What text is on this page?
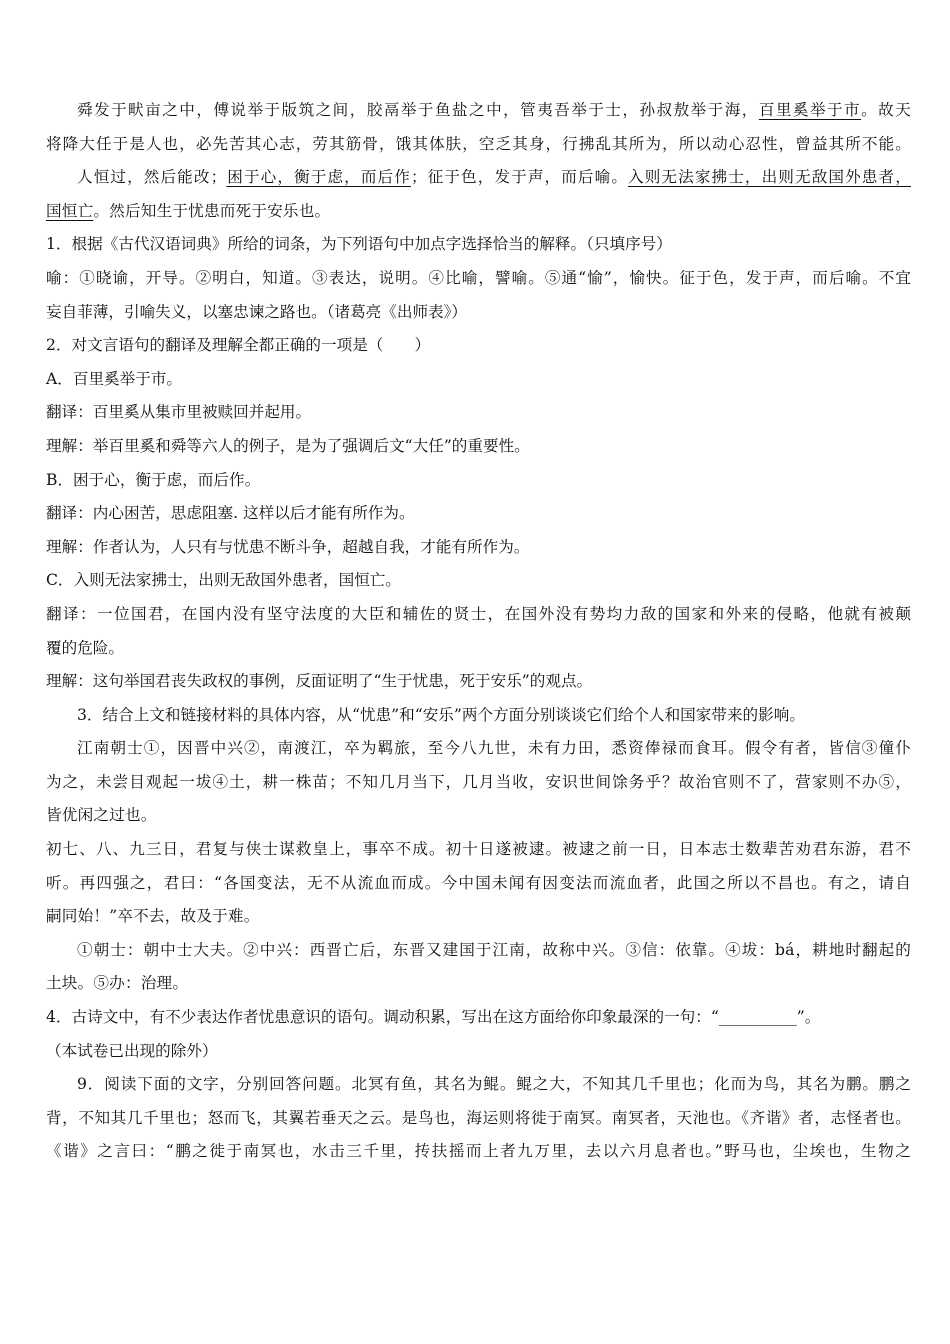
舜发于畎亩之中，傅说举于版筑之间，胶鬲举于鱼盐之中，管夷吾举于士，孙叔敖举于海，百里奚举于市。故天
将降大任于是人也，必先苦其心志，劳其筋骨，饿其体肤，空乏其身，行拂乱其所为，所以动心忍性，曾益其所不能。
人恒过，然后能改；困于心，衡于虑，而后作；征于色，发于声，而后喻。入则无法家拂士，出则无敌国外患者，
国恒亡。然后知生于忧患而死于安乐也。
1．根据《古代汉语词典》所给的词条，为下列语句中加点字选择恰当的解释。（只填序号）
喻：①晓谕，开导。②明白，知道。③表达，说明。④比喻，譬喻。⑤通“愉”，愉快。征于色，发于声，而后喻。不宜
妄自菲薄，引喻失义，以塞忠谏之路也。（诸葛亮《出师表》）
2．对文言语句的翻译及理解全都正确的一项是（　　）
A．百里奚举于市。
翻译：百里奚从集市里被赎回并起用。
理解：举百里奚和舜等六人的例子，是为了强调后文“大任”的重要性。
B．困于心，衡于虑，而后作。
翻译：内心困苦，思虑阻塞. 这样以后才能有所作为。
理解：作者认为，人只有与忧患不断斗争，超越自我，才能有所作为。
C．入则无法家拂士，出则无敌国外患者，国恒亡。
翻译：一位国君，在国内没有坚守法度的大臣和辅佐的贤士，在国外没有势均力敌的国家和外来的侵略，他就有被颠
覆的危险。
理解：这句举国君丧失政权的事例，反面证明了“生于忧患，死于安乐”的观点。
3．结合上文和链接材料的具体内容，从“忧患”和“安乐”两个方面分别谈谈它们给个人和国家带来的影响。
江南朝士①，因晋中兴②，南渡江，卒为羁旅，至今八九世，未有力田，悉资俸禄而食耳。假令有者，皆信③僮仆
为之，未尝目观起一坺④土，耕一株苗；不知几月当下，几月当收，安识世间馀务乎？故治官则不了，营家则不办⑤，
皆优闲之过也。
初七、八、九三日，君复与侠士谋救皇上，事卒不成。初十日遂被逮。被逮之前一日，日本志士数辈苦劝君东游，君不
听。再四强之，君曰：“各国变法，无不从流血而成。今中国未闻有因变法而流血者，此国之所以不昌也。有之，请自
嗣同始！”卒不去，故及于难。
①朝士：朝中士大夫。②中兴：西晋亡后，东晋又建国于江南，故称中兴。③信：依靠。④坺：bá，耕地时翻起的
土块。⑤办：治理。
4．古诗文中，有不少表达作者忧患意识的语句。调动积累，写出在这方面给你印象最深的一句：“__________”。
（本试卷已出现的除外）
9．阅读下面的文字，分别回答问题。北冥有鱼，其名为鲲。鲲之大，不知其几千里也；化而为鸟，其名为鹏。鹏之
背，不知其几千里也；怒而飞，其翼若垂天之云。是鸟也，海运则将徙于南冥。南冥者，天池也。《齐谐》者，志怪者也。
《谐》之言曰：“鹏之徙于南冥也，水击三千里，抟扶摇而上者九万里，去以六月息者也。”野马也，尘埃也，生物之
